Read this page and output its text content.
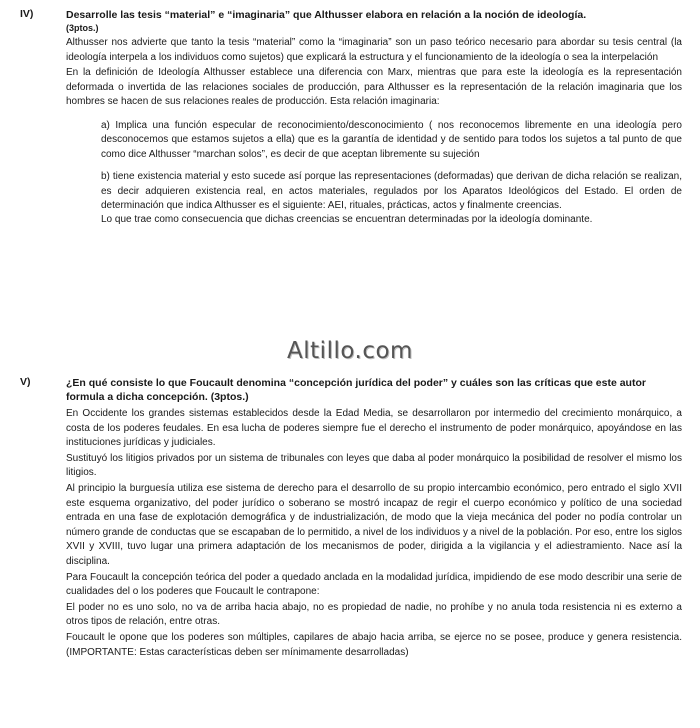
IV)	Desarrolle las tesis “material” e “imaginaria” que Althusser elabora en relación a la noción de ideología.

(3ptos.)

Althusser nos advierte que tanto la tesis “material” como la “imaginaria” son un paso teórico necesario para abordar su tesis central (la ideología interpela a los individuos como sujetos) que explicará la estructura y el funcionamiento de la ideología o sea la interpelación

En la definición de Ideología Althusser establece una diferencia con Marx, mientras que para este la ideología es la representación deformada o invertida de las relaciones sociales de producción, para Althusser es la representación de la relación imaginaria que los hombres se hacen de sus relaciones reales de producción. Esta relación imaginaria:

a) Implica una función especular de reconocimiento/desconocimiento ( nos reconocemos libremente en una ideología pero desconocemos que estamos sujetos a ella) que es la garantía de identidad y de sentido para todos los sujetos a tal punto de que como dice Althusser “marchan solos”, es decir de que aceptan libremente su sujeción

b) tiene existencia material y esto sucede así porque las representaciones (deformadas) que derivan de dicha relación se realizan, es decir adquieren existencia real, en actos materiales, regulados por los Aparatos Ideológicos del Estado. El orden de determinación que indica Althusser es el siguiente: AEI, rituales, prácticas, actos y finalmente creencias.

Lo que trae como consecuencia que dichas creencias se encuentran determinadas por la ideología dominante.

Altillo.com
V)	¿En qué consiste lo que Foucault denomina “concepción jurídica del poder” y cuáles son las críticas que este autor formula a dicha concepción. (3ptos.)

En Occidente los grandes sistemas establecidos desde la Edad Media, se desarrollaron por intermedio del crecimiento monárquico, a costa de los poderes feudales. En esa lucha de poderes siempre fue el derecho el instrumento de poder monárquico, apoyándose en las instituciones jurídicas y judiciales.

Sustituyó los litigios privados por un sistema de tribunales con leyes que daba al poder monárquico la posibilidad de resolver el mismo los litigios.

Al principio la burguesía utiliza ese sistema de derecho para el desarrollo de su propio intercambio económico, pero entrado el siglo XVII este esquema organizativo, del poder jurídico o soberano se mostró incapaz de regir el cuerpo económico y político de una sociedad entrada en una fase de explotación demográfica y de industrialización, de modo que la vieja mecánica del poder no podía controlar un número grande de conductas que se escapaban de lo permitido, a nivel de los individuos y a nivel de la población. Por eso, entre los siglos XVII y XVIII, tuvo lugar una primera adaptación de los mecanismos de poder, dirigida a la vigilancia y el adiestramiento. Nace así la disciplina.

Para Foucault la concepción teórica del poder a quedado anclada en la modalidad jurídica, impidiendo de ese modo describir una serie de cualidades del o los poderes que Foucault le contrapone:

El poder no es uno solo, no va de arriba hacia abajo, no es propiedad de nadie, no prohíbe y no anula toda resistencia ni es externo a otros tipos de relación, entre otras.

Foucault le opone que los poderes son múltiples, capilares de abajo hacia arriba, se ejerce no se posee, produce y genera resistencia. (IMPORTANTE: Estas características deben ser mínimamente desarrolladas)
